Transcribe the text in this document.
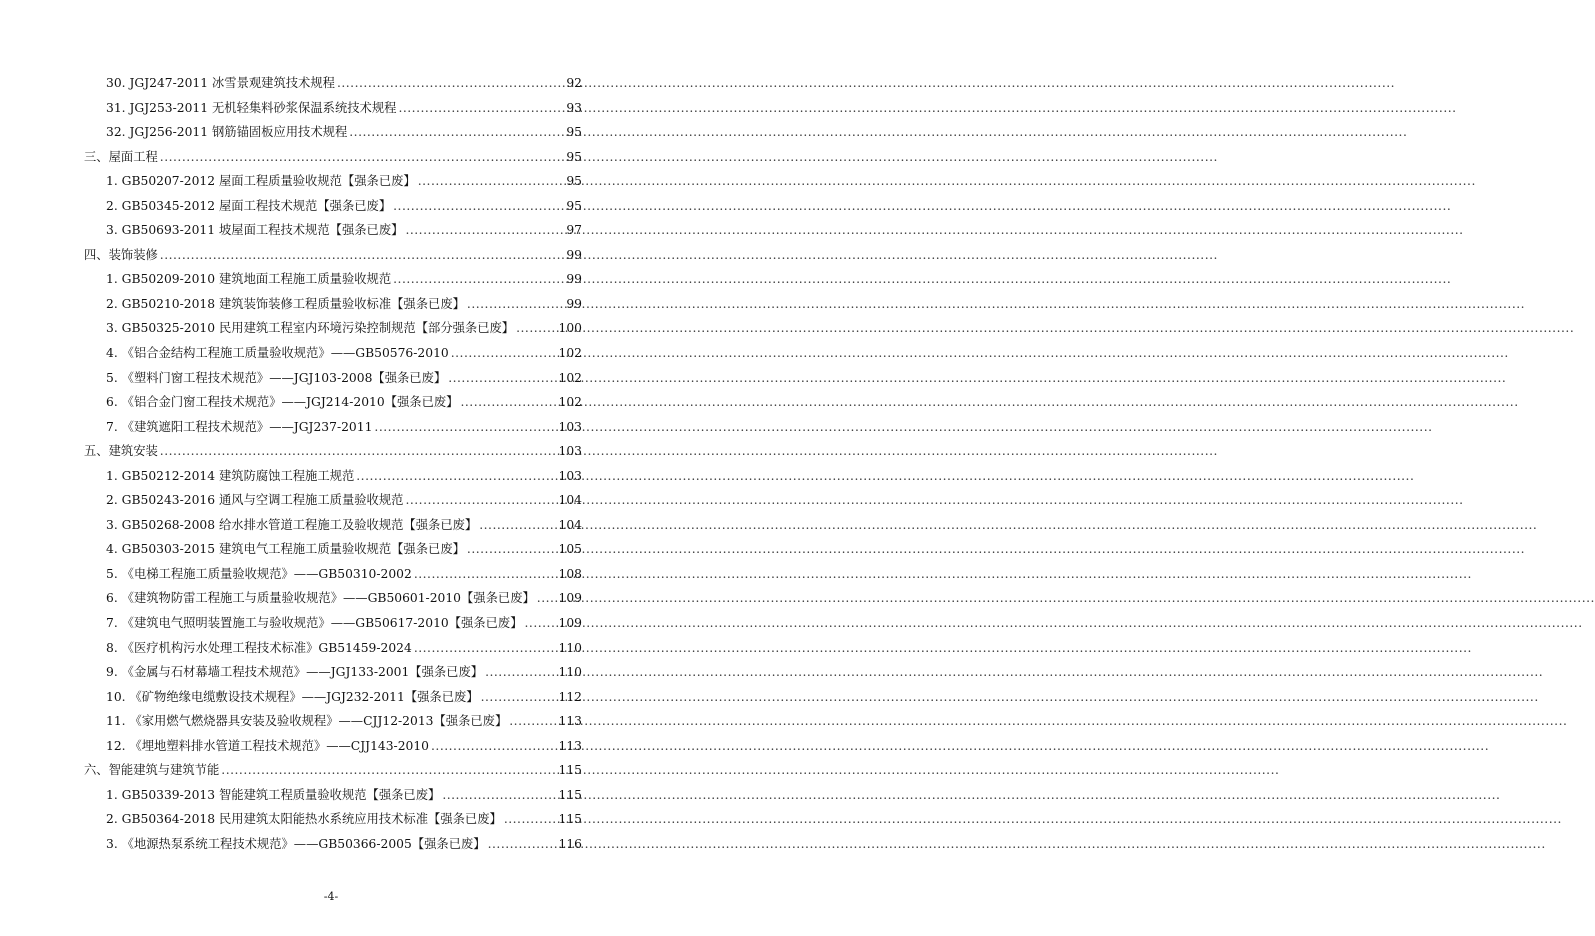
30. JGJ247-2011 冰雪景观建筑技术规程 .....	92
31. JGJ253-2011 无机轻集料砂浆保温系统技术规程 .....	93
32. JGJ256-2011 钢筋锚固板应用技术规程 .....	95
三、屋面工程 .....	95
1. GB50207-2012 屋面工程质量验收规范【强条已废】 .....	95
2. GB50345-2012 屋面工程技术规范【强条已废】 .....	95
3. GB50693-2011 坡屋面工程技术规范【强条已废】 .....	97
四、装饰装修 .....	99
1. GB50209-2010 建筑地面工程施工质量验收规范 .....	99
2. GB50210-2018 建筑装饰装修工程质量验收标准【强条已废】 .....	99
3. GB50325-2010 民用建筑工程室内环境污染控制规范【部分强条已废】 .....	100
4. 《铝合金结构工程施工质量验收规范》——GB50576-2010 .....	102
5. 《塑料门窗工程技术规范》——JGJ103-2008【强条已废】 .....	102
6. 《铝合金门窗工程技术规范》——JGJ214-2010【强条已废】 .....	102
7. 《建筑遮阳工程技术规范》——JGJ237-2011 .....	103
五、建筑安装 .....	103
1. GB50212-2014 建筑防腐蚀工程施工规范 .....	103
2. GB50243-2016 通风与空调工程施工质量验收规范 .....	104
3. GB50268-2008 给水排水管道工程施工及验收规范【强条已废】 .....	104
4. GB50303-2015 建筑电气工程施工质量验收规范【强条已废】 .....	105
5. 《电梯工程施工质量验收规范》——GB50310-2002 .....	108
6. 《建筑物防雷工程施工与质量验收规范》——GB50601-2010【强条已废】 ..... 109
7. 《建筑电气照明装置施工与验收规范》——GB50617-2010【强条已废】 .....	109
8. 《医疗机构污水处理工程技术标准》GB51459-2024 .....	110
9. 《金属与石材幕墙工程技术规范》——JGJ133-2001【强条已废】 .....	110
10. 《矿物绝缘电缆敷设技术规程》——JGJ232-2011【强条已废】 .....	112
11. 《家用燃气燃烧器具安装及验收规程》——CJJ12-2013【强条已废】 .....	113
12. 《埋地塑料排水管道工程技术规范》——CJJ143-2010 .....	113
六、智能建筑与建筑节能 .....	115
1. GB50339-2013 智能建筑工程质量验收规范【强条已废】 .....	115
2. GB50364-2018 民用建筑太阳能热水系统应用技术标准【强条已废】 .....	115
3. 《地源热泵系统工程技术规范》——GB50366-2005【强条已废】 .....	116
-4-
